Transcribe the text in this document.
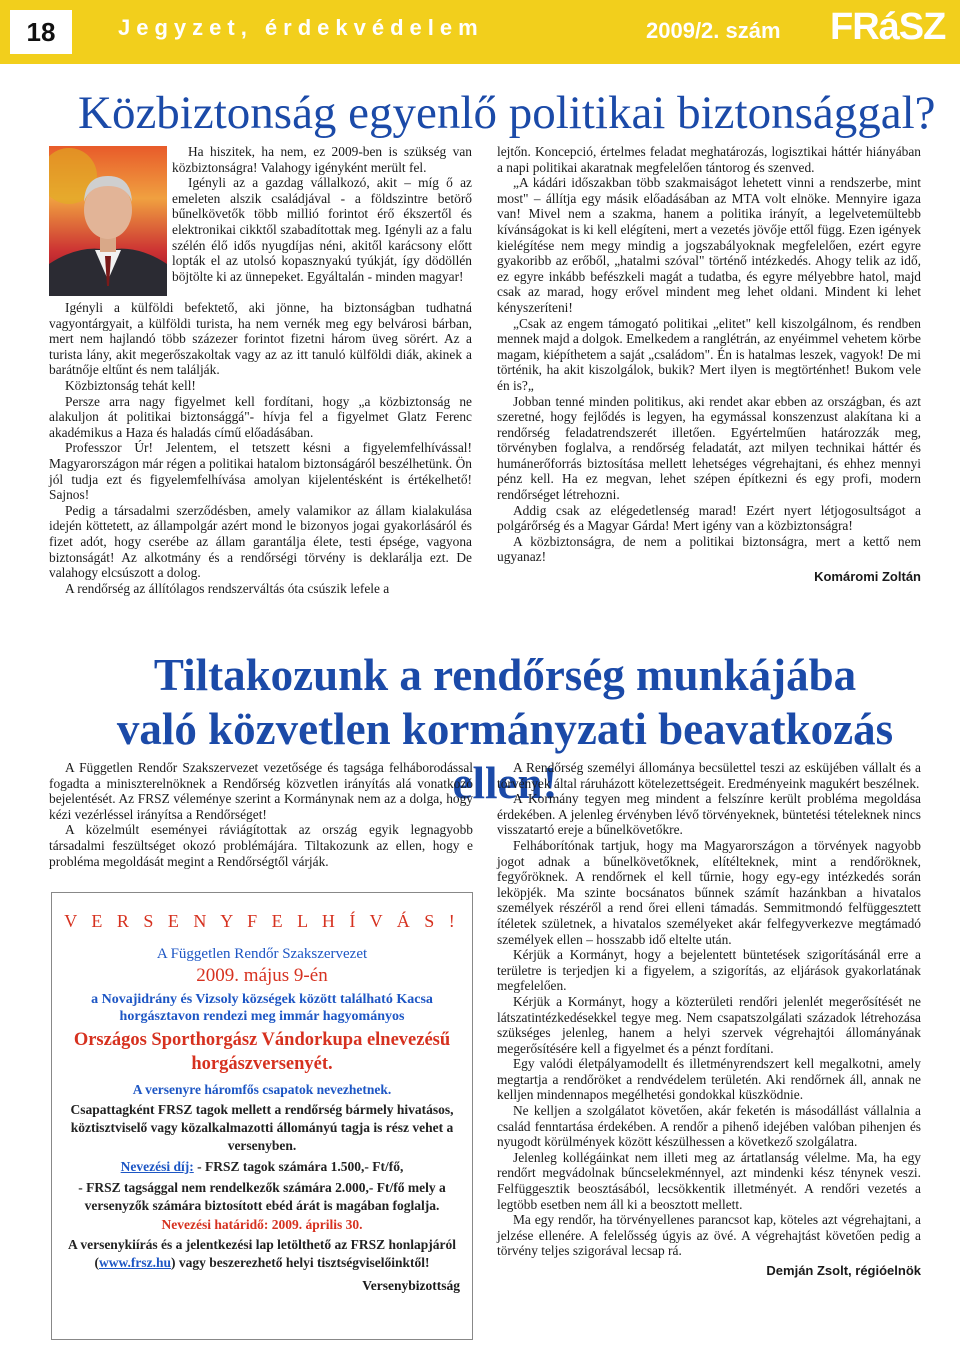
18	Jegyzet, érdekvédelem	2009/2. szám FRáSZ
Közbiztonság egyenlő politikai biztonsággal?

Ha hiszitek, ha nem, ez 2009-ben is szükség van közbiztonságra! Valahogy igényként merült fel.

Igényli az a gazdag vállalkozó, akit – míg ő az emeleten alszik családjával - a földszintre betörő bűnelkövetők több millió forintot érő ékszertől és elektronikai cikktől szabadítottak meg. Igényli az a falu szélén élő idős nyugdíjas néni, akitől karácsony előtt lopták el az utolsó kopasznyakú tyúkját, így dödöllén böjtölte ki az ünnepeket. Egyáltalán - minden magyar!

Igényli a külföldi befektető, aki jönne, ha biztonságban tudhatná vagyontárgyait, a külföldi turista, ha nem vernék meg egy belvárosi bárban, mert nem hajlandó több százezer forintot fizetni három üveg sörért. Az a turista lány, akit megerőszakoltak vagy az az itt tanuló külföldi diák, akinek a barátnője eltűnt és nem találják.

Közbiztonság tehát kell!

Persze arra nagy figyelmet kell fordítani, hogy „a közbiztonság ne alakuljon át politikai biztonsággá"- hívja fel a figyelmet Glatz Ferenc akadémikus a Haza és haladás című előadásában.

Professzor Úr! Jelentem, el tetszett késni a figyelemfelhívással! Magyarországon már régen a politikai hatalom biztonságáról beszélhetünk. Ön jól tudja ezt és figyelemfelhívása amolyan kijelentésként is értékelhető! Sajnos!

Pedig a társadalmi szerződésben, amely valamikor az állam kialakulása idején köttetett, az állampolgár azért mond le bizonyos jogai gyakorlásáról és fizet adót, hogy cserébe az állam garantálja élete, testi épsége, vagyona biztonságát! Az alkotmány és a rendőrségi törvény is deklarálja ezt. De valahogy elcsúszott a dolog.

A rendőrség az állítólagos rendszerváltás óta csúszik lefele a

lejtőn. Koncepció, értelmes feladat meghatározás, logisztikai háttér hiányában a napi politikai akaratnak megfelelően tántorog és szenved.

„A kádári időszakban több szakmaiságot lehetett vinni a rendszerbe, mint most" – állítja egy másik előadásában az MTA volt elnöke. Mennyire igaza van! Mivel nem a szakma, hanem a politika irányít, a legelvetemültebb kívánságokat is ki kell elégíteni, mert a vezetés jövője ettől függ. Ezen igények kielégítése nem megy mindig a jogszabályoknak megfelelően, ezért egyre gyakoribb az erőből, „hatalmi szóval" történő intézkedés. Ahogy telik az idő, ez egyre inkább befészkeli magát a tudatba, és egyre mélyebbre hatol, majd csak az marad, hogy erővel mindent meg lehet oldani. Mindent ki lehet kényszeríteni!

„Csak az engem támogató politikai „elitet" kell kiszolgálnom, és rendben mennek majd a dolgok. Emelkedem a ranglétrán, az enyéimmel vehetem körbe magam, kiépíthetem a saját „családom". Én is hatalmas leszek, vagyok! De mi történik, ha akit kiszolgálok, bukik? Mert ilyen is megtörténhet! Bukom vele én is?„

Jobban tenné minden politikus, aki rendet akar ebben az országban, és azt szeretné, hogy fejlődés is legyen, ha egymással konszenzust alakítana ki a rendőrség feladatrendszerét illetően. Egyértelműen határozzák meg, törvényben foglalva, a rendőrség feladatát, azt milyen technikai háttér és humánerőforrás biztosítása mellett lehetséges végrehajtani, és ehhez mennyi pénz kell. Ha ez megvan, lehet szépen építkezni és egy profi, modern rendőrséget létrehozni.

Addig csak az elégedetlenség marad! Ezért nyert létjogosultságot a polgárőrség és a Magyar Gárda! Mert igény van a közbiztonságra!

A közbiztonságra, de nem a politikai biztonságra, mert a kettő nem ugyanaz!

Komáromi Zoltán

Tiltakozunk a rendőrség munkájába való közvetlen kormányzati beavatkozás ellen!

A Független Rendőr Szakszervezet vezetősége és tagsága felháborodással fogadta a miniszterelnöknek a Rendőrség közvetlen irányítás alá vonatkozó bejelentését. Az FRSZ véleménye szerint a Kormánynak nem az a dolga, hogy kézi vezérléssel irányítsa a Rendőrséget!

A közelmúlt eseményei ráviágítottak az ország egyik legnagyobb társadalmi feszültséget okozó problémájára. Tiltakozunk az ellen, hogy e probléma megoldását megint a Rendőrségtől várják.

A Rendőrség személyi állománya becsülettel teszi az esküjében vállalt és a törvények által ráruházott kötelezettségeit. Eredményeink magukért beszélnek.

A Kormány tegyen meg mindent a felszínre került probléma megoldása érdekében. A jelenleg érvényben lévő törvényeknek, büntetési tételeknek nincs visszatartó ereje a bűnelkövetőkre.

Felháborítónak tartjuk, hogy ma Magyarországon a törvények nagyobb jogot adnak a bűnelkövetőknek, elítélteknek, mint a rendőröknek, fegyőröknek. A rendőrnek el kell tűrnie, hogy egy-egy intézkedés során leköpjék. Ma szinte bocsánatos bűnnek számít hazánkban a hivatalos személyek részéről a rend őrei elleni támadás. Semmitmondó felfüggesztett ítéletek születnek, a hivatalos személyeket akár felfegyverkezve megtámadó személyek ellen – hosszabb idő eltelte után.

Kérjük a Kormányt, hogy a bejelentett büntetések szigorításánál erre a területre is terjedjen ki a figyelem, a szigorítás, az eljárások gyakorlatának megfelelően.

Kérjük a Kormányt, hogy a közterületi rendőri jelenlét megerősítését ne látszatintézkedésekkel tegye meg. Nem csapatszolgálati századok létrehozása szükséges jelenleg, hanem a helyi szervek végrehajtói állományának megerősítésére kell a figyelmet és a pénzt fordítani.

Egy valódi életpályamodellt és illetményrendszert kell megalkotni, amely megtartja a rendőröket a rendvédelem területén. Aki rendőrnek áll, annak ne kelljen mindennapos megélhetési gondokkal küszködnie.

Ne kelljen a szolgálatot követően, akár feketén is másodállást vállalnia a család fenntartása érdekében. A rendőr a pihenő idejében valóban pihenjen és nyugodt körülmények között készülhessen a következő szolgálatra.

Jelenleg kollégáinkat nem illeti meg az ártatlanság vélelme. Ma, ha egy rendőrt megvádolnak bűncselekménnyel, azt mindenki kész ténynek veszi. Felfüggesztik beosztásából, lecsökkentik illetményét. A rendőri vezetés a legtöbb esetben nem áll ki a beosztott mellett.

Ma egy rendőr, ha törvényellenes parancsot kap, köteles azt végrehajtani, a jelzése ellenére. A felelősség úgyis az övé. A végrehajtást követően pedig a törvény teljes szigorával lecsap rá.

Demján Zsolt, régióelnök

V E R S E N Y F E L H Í V Á S !
A Független Rendőr Szakszervezet
2009. május 9-én
a Novajidrány és Vizsoly községek között található Kacsa horgásztavon rendezi meg immár hagyományos
Országos Sporthorgász Vándorkupa elnevezésű horgászversenyét.
A versenyre háromfős csapatok nevezhetnek.
Csapattagként FRSZ tagok mellett a rendőrség bármely hivatásos, köztisztviselő vagy közalkalmazotti állományú tagja is rész vehet a versenyben.
Nevezési díj: - FRSZ tagok számára 1.500,- Ft/fő,
- FRSZ tagsággal nem rendelkezők számára 2.000,- Ft/fő mely a versenyzők számára biztosított ebéd árát is magában foglalja.
Nevezési határidő: 2009. április 30.
A versenykiírás és a jelentkezési lap letölthető az FRSZ honlapjáról (www.frsz.hu) vagy beszerezhető helyi tisztségviselőinktől!
Versenybizottság
